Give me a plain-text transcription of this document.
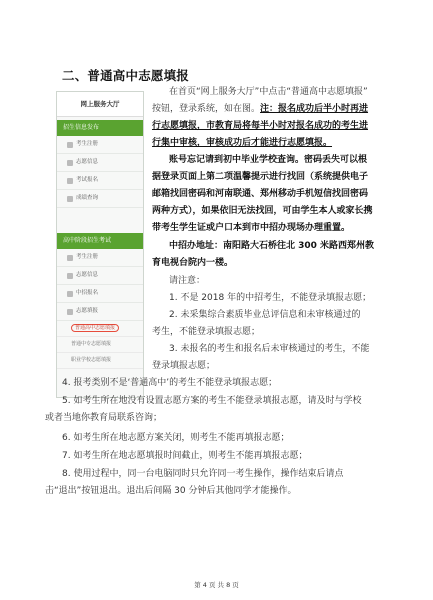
二、普通高中志愿填报
网上服务大厅
招生信息发布
考生注册
志愿信息
考试报名
成绩查询
高中阶段招生考试
考生注册
志愿信息
中招报名
志愿填报
普通高中志愿填报
普通中专志愿填报
职业学校志愿填报
在首页“网上服务大厅”中点击“普通高中志愿填报”
按钮，登录系统，如在图。注：报名成功后半小时再进
行志愿填报，市教育局将每半小时对报名成功的考生进
行集中审核，审核成功后才能进行志愿填报。
账号忘记请到初中毕业学校查询。密码丢失可以根
据登录页面上第二项温馨提示进行找回（系统提供电子
邮箱找回密码和河南联通、郑州移动手机短信找回密码
两种方式），如果依旧无法找回，可由学生本人或家长携
带考生学生证或户口本到市中招办现场办理重置。
中招办地址：南阳路大石桥往北 300 米路西郑州教
育电视台院内一楼。
请注意：
1. 不是 2018 年的中招考生，不能登录填报志愿；
2. 未采集综合素质毕业总评信息和未审核通过的
考生，不能登录填报志愿；
3. 未报名的考生和报名后未审核通过的考生，不能
登录填报志愿；
4. 报考类别不是‘普通高中’的考生不能登录填报志愿；
5. 如考生所在地没有设置志愿方案的考生不能登录填报志愿，请及时与学校
或者当地你教育局联系咨询；
6. 如考生所在地志愿方案关闭，则考生不能再填报志愿；
7. 如考生所在地志愿填报时间截止，则考生不能再填报志愿；
8. 使用过程中，同一台电脑同时只允许同一考生操作，操作结束后请点
击“退出”按钮退出。退出后间隔 30 分钟后其他同学才能操作。
第 4 页 共 8 页
